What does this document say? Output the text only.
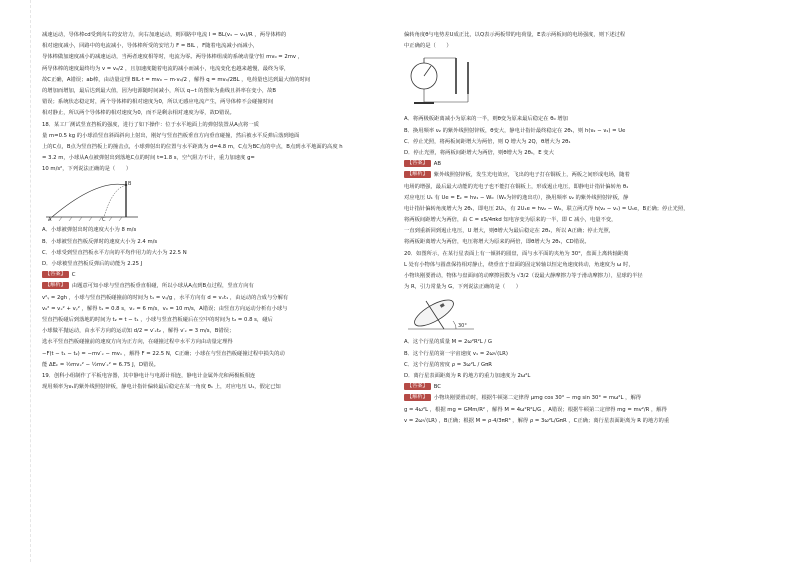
减速运动，导体棒cd受到向右的安培力，向右加速运动，则回路中电流 I = BL(v₁ − v₂)/R ，两导体棒的
相对速度减小，回路中的电流减小，导体棒所受的安培力 F = BIL ，F随着电流减小而减小，
导体棒做加速度减小的减速运动，当两者速度相等时，电流为零。两导体棒组成的系统动量守恒 mv₀ = 2mv ，
两导体棒的速度最终均为 v = v₀/2 ，且加速度随着电流的减小而减小，电流变化也越来越慢，最终为零，
故C正确，A错误；ab棒，由动量定理 BIL·t = mv₀ − m·v₀/2 ，解得 q = mv₀/2BL ，电荷量也达到最大值的时间
的增加而增加，最后达到最大值，因为电源随时间减小，所以 q−t 的图象为曲线且斜率在变小，故B
错误；系统状态稳定时，两个导体棒的相对速度为0，所以无感应电流产生，两导体棒不会碰撞时间
相对静止，所以两个导体棒的相对速度为0，而不是剩余相对速度为零，故D错误。
18．某工厂测试竖直挡板的强度，进行了如下操作：位于水平地面上的弹射装置从A点将一质
量 m=0.5 kg 的小球沿竖直斜面斜向上射出，刚好与竖直挡板垂直方向垂直碰撞，然后被水平反弹后落到地面
上的C点，B点为竖直挡板上的撞击点，小球弹射出的位置与水平距离为 d=4.8 m，C点为BC点的中点，B点到水平地面的高度 h
= 3.2 m，小球从A点被弹射出到落地C点的时间 t=1.8 s，空气阻力不计，重力加速度 g=
10 m/s²，下列说法正确的是（　　）
A
B
C
A．小球被弹射出时的速度大小为 8 m/s
B．小球被竖直挡板反弹时的速度大小为 2.4 m/s
C．小球受到竖直挡板水平方向的平均作用力的大小为 22.5 N
D．小球被竖直挡板反弹后的动能为 2.25 J
【答案】 C
【解析】 由题意可知小球与竖直挡板垂直相碰，所以小球从A点到B点过程，竖直方向有
v²ᵧ = 2gh ，小球与竖直挡板碰撞前的时间为 t₁ = vᵧ/g ，水平方向有 d = vₓt₁ ，由运动的合成与分解有
v₀² = vₓ² + vᵧ² ，解得 t₁ = 0.8 s，vₓ = 6 m/s，v₀ = 10 m/s，A错误；由竖直方向运动分析有小球与
竖直挡板碰后到落地的时间为 t₂ = t − t₁ ，小球与竖直挡板碰后在空中的时间为 t₂ = 0.8 s，碰后
小球做平抛运动，由水平方向的运动知 d/2 = v′ₓt₂ ，解得 v′ₓ = 3 m/s，B错误；
选水平竖直挡板碰撞前的速度方向为正方向，在碰撞过程中水平方向由动量定理得
−F(t − t₁ − t₂) = −mv′ₓ − mvₓ ，解得 F = 22.5 N，C正确；小球在与竖直挡板碰撞过程中损失的动
能 ΔEₖ = ½mvₓ² − ½mv′ₓ² = 6.75 J，D错误。
19．创科小组制作了平板电容器，其中静电计与电源计相连，静电计金属外壳和两极板相连
现用频率为ν₁的紫外线照射锌板，静电计指针偏转最后稳定在某一角度 θ₁ 上，对应电压 U₁，假定已知
偏转角度θ与电势差U成正比，以Q表示两板带的电荷量，E表示两板间的电场强度，则下述过程
中正确的是（　　）
A．将两极板距离减小为原来的一半，则θ变为原来最后稳定在 θ₀ 增加
B．换用频率 ν₂ 的紫外线照射锌板，θ变大，静电计指针最终稳定在 2θ₁，则 h(ν₂ − ν₁) = Ue
C．停止光照，将两板间距增大为两倍，则 Q 增大为 2Q，θ增大为 2θ₁
D．停止光照，将两板间距增大为两倍，则θ增大为 2θ₁，E 变大
【答案】 AB
【解析】 紫外线照射锌板，发生光电效应，飞出的电子打在铜板上，两板之间形成电场，随着
电场的增强，最后最大动能的光电子也不能打在铜板上，形成遏止电压，即静电计指针偏转角 θ₁
对应电压 U₁ 有 Ue = Eₖ = hν₁ − W₀（W₀为锌的逸出功），换用频率 ν₂ 的紫外线照射锌板，静
电计指针偏转角度增大为 2θ₁，即电压 2U₁，有 2U₁e = hν₂ − W₀，联立两式得 h(ν₂ − ν₁) = U₁e，B正确；停止光照，
将两板间距增大为两倍，由 C = εS/4πkd 知电容变为原来的一半，即 C 减小，电量不变，
一直到重新回到遏止电压，U 增大，则θ增大为最后稳定在 2θ₁，所以 A正确；停止光照，
将两板距离增大为两倍，电压将增大为原来的两倍，即θ增大为 2θ₁，CD错误。
20．如图所示，在某行星表面上有一倾斜的圆盘，面与水平面的夹角为 30°，盘面上离转轴距离
L 处有小物体与圆盘保持相对静止，绕垂直于盘面的固定转轴以恒定角速度转动，角速度为 ω 时，
小物块刚要滑动，物体与盘面间的动摩擦因数为 √3/2（设最大静摩擦力等于滑动摩擦力），星球的半径
为 R，引力常量为 G，下列说法正确的是（　　）
30°
A．这个行星的质量 M = 2ω²R²L / G
B．这个行星的第一宇宙速度 v₁ = 2ω√(LR)
C．这个行星的密度 ρ = 3ω²L / GπR
D．离行星表面距离为 R 的地方的重力加速度为 2ω²L
【答案】 BC
【解析】 小物块刚要滑动时，根据牛顿第二定律得 μmg cos 30° − mg sin 30° = mω²L ，解得
g = 4ω²L ，根据 mg = GMm/R² ，解得 M = 4ω²R²L/G ，A错误；根据牛顿第二定律得 mg = mv²/R ，解得
v = 2ω√(LR) ，B正确；根据 M = ρ·4/3πR³ ，解得 ρ = 3ω²L/GπR ，C正确；离行星表面距离为 R 的地方的重
